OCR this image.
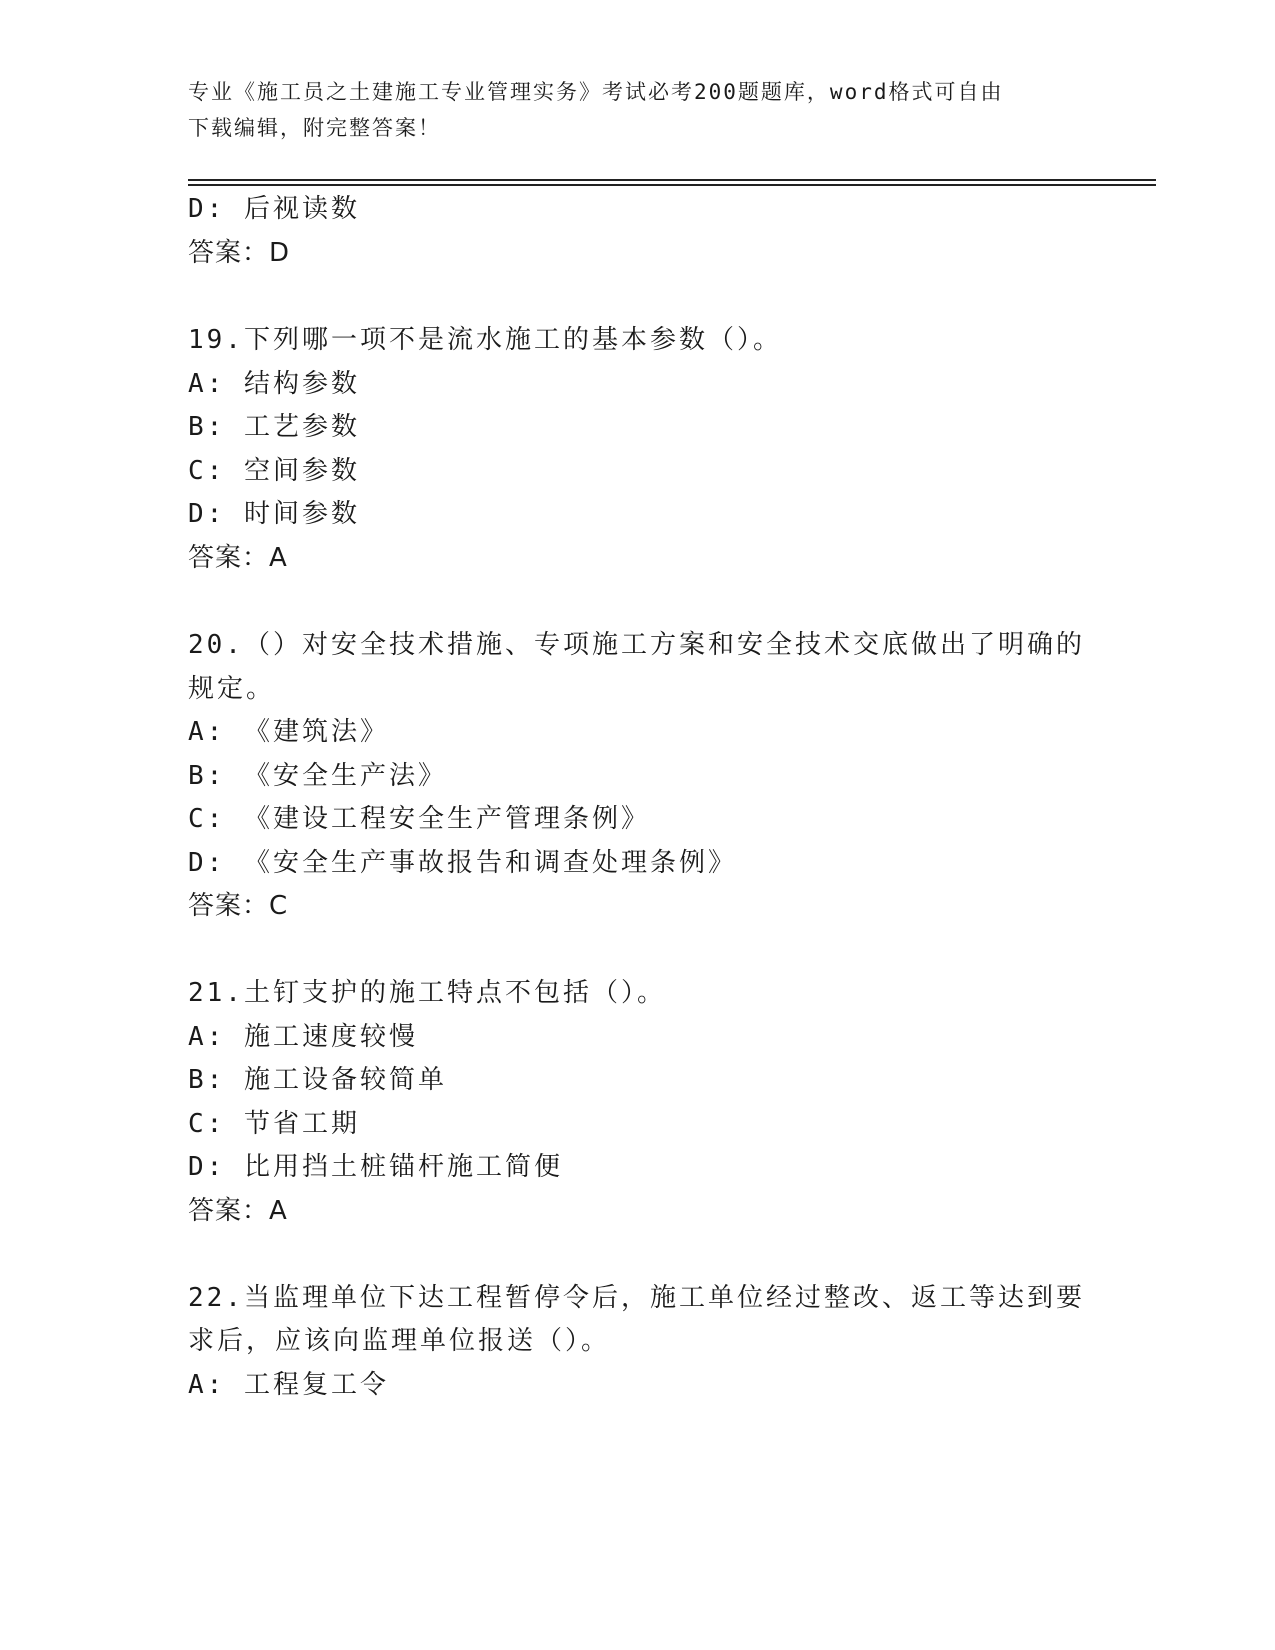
专业《施工员之土建施工专业管理实务》考试必考200题题库，word格式可自由
下载编辑，附完整答案！
D: 后视读数
答案：D
19.下列哪一项不是流水施工的基本参数（）。
A: 结构参数
B: 工艺参数
C: 空间参数
D: 时间参数
答案：A
20.（）对安全技术措施、专项施工方案和安全技术交底做出了明确的
规定。
A: 《建筑法》
B: 《安全生产法》
C: 《建设工程安全生产管理条例》
D: 《安全生产事故报告和调查处理条例》
答案：C
21.土钉支护的施工特点不包括（）。
A: 施工速度较慢
B: 施工设备较简单
C: 节省工期
D: 比用挡土桩锚杆施工简便
答案：A
22.当监理单位下达工程暂停令后，施工单位经过整改、返工等达到要
求后，应该向监理单位报送（）。
A: 工程复工令
